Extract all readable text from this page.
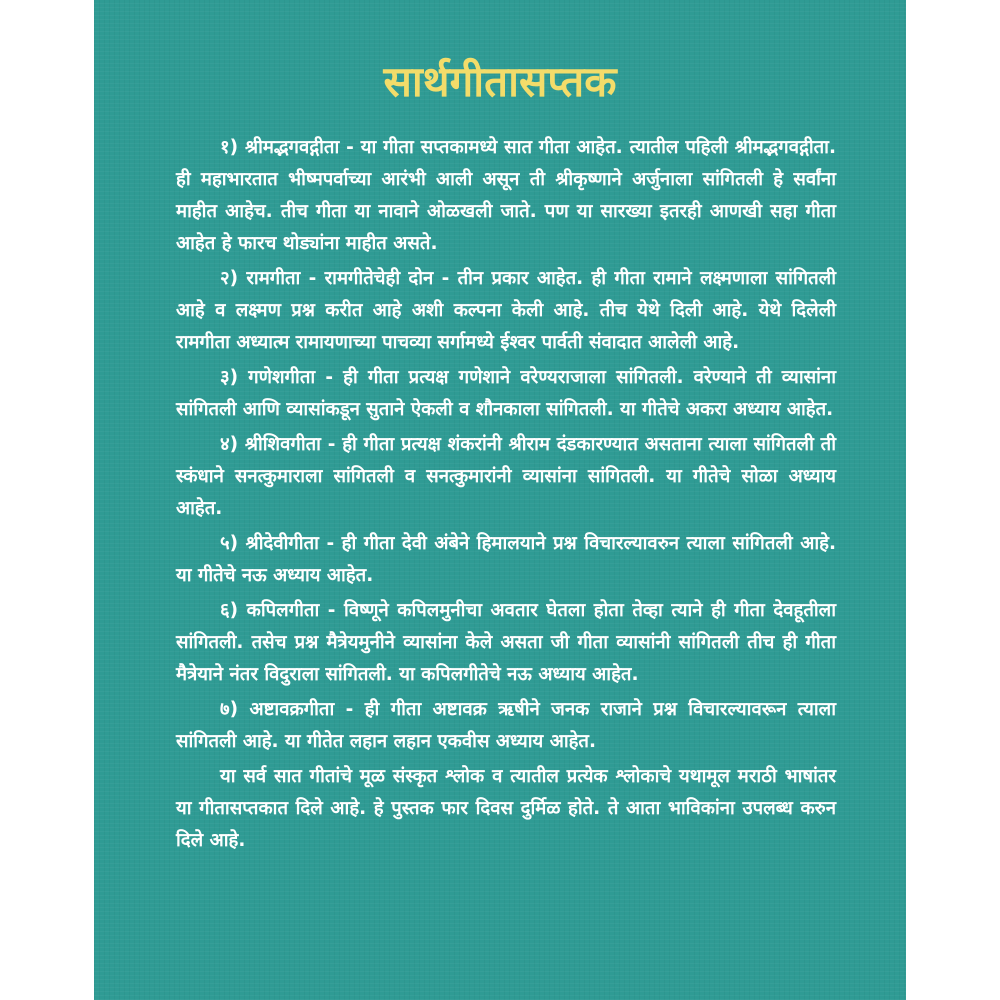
सार्थगीतासप्तक

१) श्रीमद्भगवद्गीता - या गीता सप्तकामध्ये सात गीता आहेत. त्यातील पहिली श्रीमद्भगवद्गीता. ही महाभारतात भीष्मपर्वाच्या आरंभी आली असून ती श्रीकृष्णाने अर्जुनाला सांगितली हे सर्वांना माहीत आहेच. तीच गीता या नावाने ओळखली जाते. पण या सारख्या इतरही आणखी सहा गीता आहेत हे फारच थोड्यांना माहीत असते.

२) रामगीता - रामगीतेचेही दोन - तीन प्रकार आहेत. ही गीता रामाने लक्ष्मणाला सांगितली आहे व लक्ष्मण प्रश्न करीत आहे अशी कल्पना केली आहे. तीच येथे दिली आहे. येथे दिलेली रामगीता अध्यात्म रामायणाच्या पाचव्या सर्गामध्ये ईश्वर पार्वती संवादात आलेली आहे.

३) गणेशगीता - ही गीता प्रत्यक्ष गणेशाने वरेण्यराजाला सांगितली. वरेण्याने ती व्यासांना सांगितली आणि व्यासांकडून सुताने ऐकली व शौनकाला सांगितली. या गीतेचे अकरा अध्याय आहेत.

४) श्रीशिवगीता - ही गीता प्रत्यक्ष शंकरांनी श्रीराम दंडकारण्यात असताना त्याला सांगितली ती स्कंधाने सनत्कुमाराला सांगितली व सनत्कुमारांनी व्यासांना सांगितली. या गीतेचे सोळा अध्याय आहेत.

५) श्रीदेवीगीता - ही गीता देवी अंबेने हिमालयाने प्रश्न विचारल्यावरुन त्याला सांगितली आहे. या गीतेचे नऊ अध्याय आहेत.

६) कपिलगीता - विष्णूने कपिलमुनीचा अवतार घेतला होता तेव्हा त्याने ही गीता देवहूतीला सांगितली. तसेच प्रश्न मैत्रेयमुनीने व्यासांना केले असता जी गीता व्यासांनी सांगितली तीच ही गीता मैत्रेयाने नंतर विदुराला सांगितली. या कपिलगीतेचे नऊ अध्याय आहेत.

७) अष्टावक्रगीता - ही गीता अष्टावक्र ऋषीने जनक राजाने प्रश्न विचारल्यावरून त्याला सांगितली आहे. या गीतेत लहान लहान एकवीस अध्याय आहेत.

या सर्व सात गीतांचे मूळ संस्कृत श्लोक व त्यातील प्रत्येक श्लोकाचे यथामूल मराठी भाषांतर या गीतासप्तकात दिले आहे. हे पुस्तक फार दिवस दुर्मिळ होते. ते आता भाविकांना उपलब्ध करुन दिले आहे.
